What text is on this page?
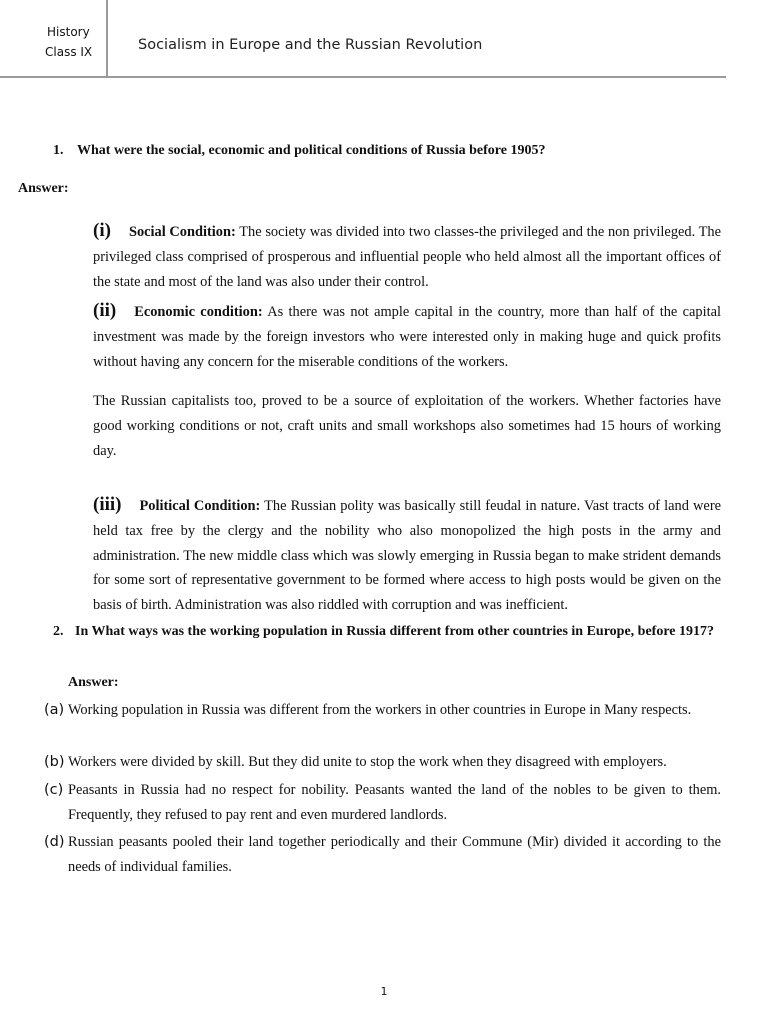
History
Class IX	Socialism in Europe and the Russian Revolution
1. What were the social, economic and political conditions of Russia before 1905?
Answer:
(i) Social Condition: The society was divided into two classes-the privileged and the non privileged. The privileged class comprised of prosperous and influential people who held almost all the important offices of the state and most of the land was also under their control.
(ii) Economic condition: As there was not ample capital in the country, more than half of the capital investment was made by the foreign investors who were interested only in making huge and quick profits without having any concern for the miserable conditions of the workers.
The Russian capitalists too, proved to be a source of exploitation of the workers. Whether factories have good working conditions or not, craft units and small workshops also sometimes had 15 hours of working day.
(iii) Political Condition: The Russian polity was basically still feudal in nature. Vast tracts of land were held tax free by the clergy and the nobility who also monopolized the high posts in the army and administration. The new middle class which was slowly emerging in Russia began to make strident demands for some sort of representative government to be formed where access to high posts would be given on the basis of birth. Administration was also riddled with corruption and was inefficient.
2. In What ways was the working population in Russia different from other countries in Europe, before 1917?
Answer:
(a) Working population in Russia was different from the workers in other countries in Europe in Many respects.
(b) Workers were divided by skill. But they did unite to stop the work when they disagreed with employers.
(c) Peasants in Russia had no respect for nobility. Peasants wanted the land of the nobles to be given to them. Frequently, they refused to pay rent and even murdered landlords.
(d) Russian peasants pooled their land together periodically and their Commune (Mir) divided it according to the needs of individual families.
1
